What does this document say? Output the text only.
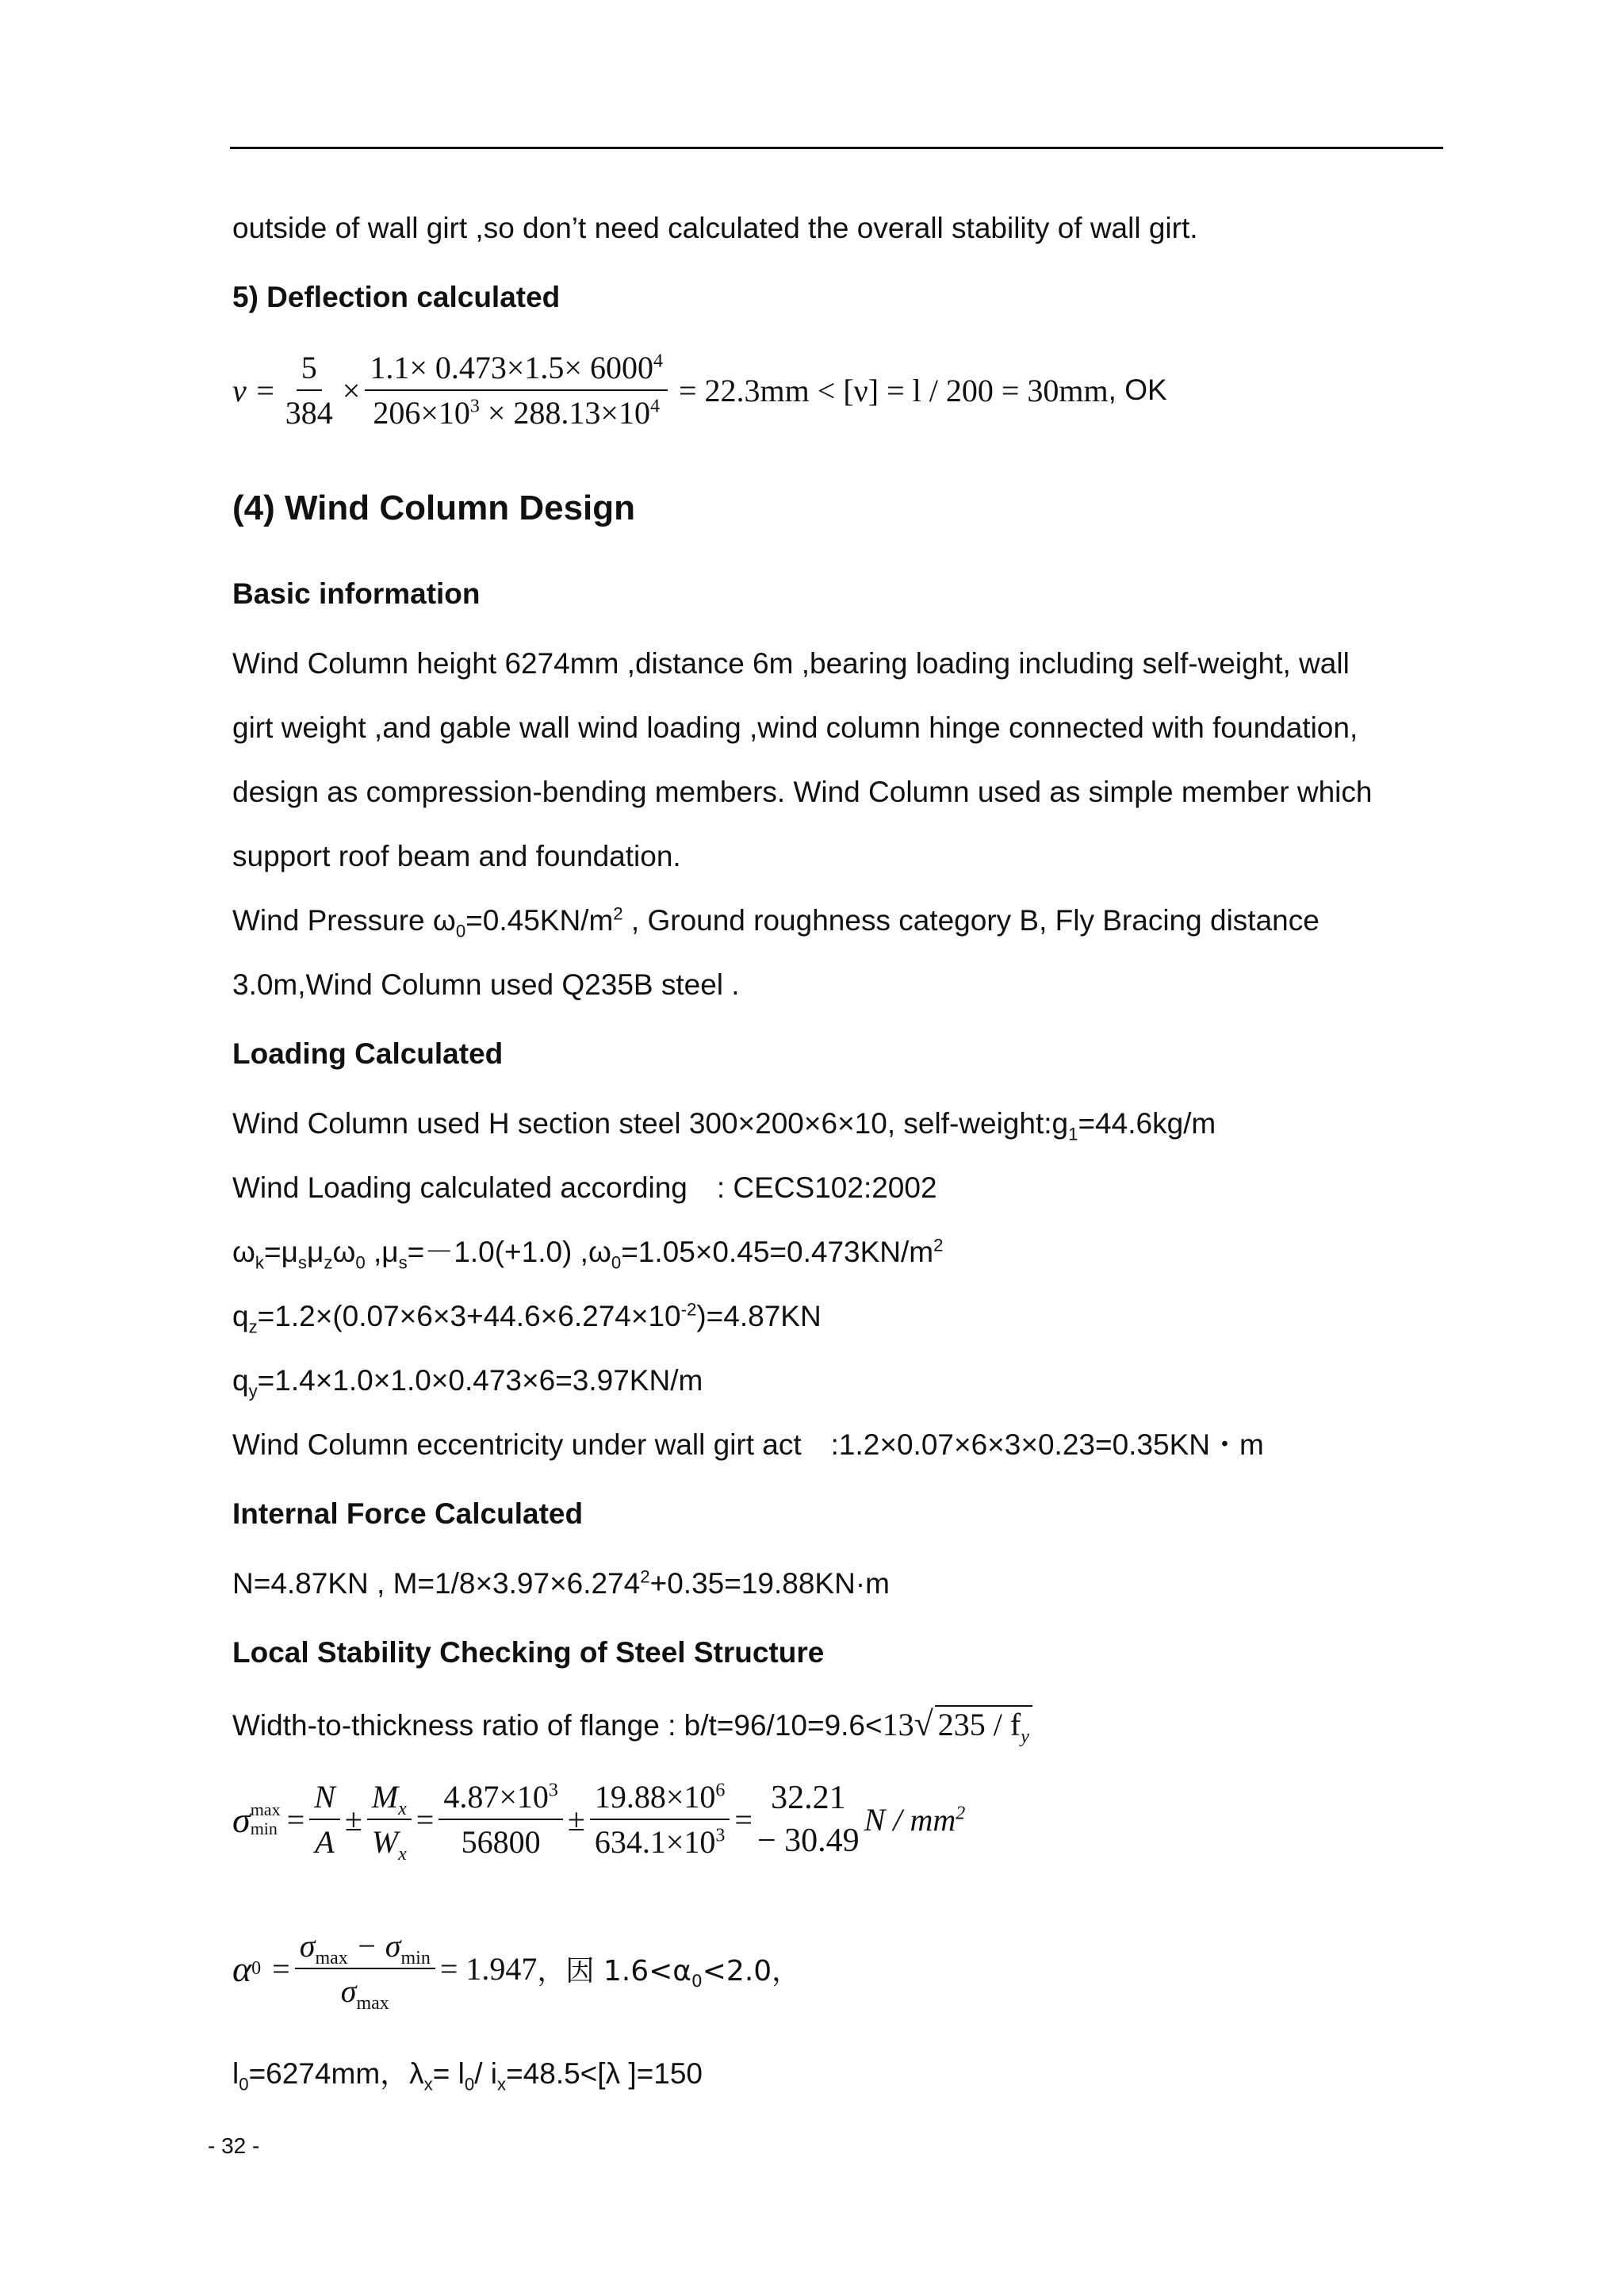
outside of wall girt ,so don’t need calculated the overall stability of wall girt.
5) Deflection calculated
$\nu = \frac{5}{384} \times \frac{1.1\times 0.473\times 1.5\times 6000^4}{206\times 10^3 \times 288.13\times 10^4} = 22.3mm < [\nu] = l / 200 = 30mm$ , OK
(4) Wind Column Design
Basic information
Wind Column height 6274mm ,distance 6m ,bearing loading including self-weight, wall
girt weight ,and gable wall wind loading ,wind column hinge connected with foundation,
design as compression-bending members. Wind Column used as simple member which
support roof beam and foundation.
Wind Pressure $\omega_0=0.45KN/m^2$ , Ground roughness category B, Fly Bracing distance
3.0m,Wind Column used Q235B steel .
Loading Calculated
Wind Column used H section steel 300×200×6×10, self-$weight:g_1=44.6kg/m$
Wind Loading calculated according　: CECS102:2002
$\omega_k=\mu_s\mu_z\omega_0$ $,\mu_s=-1.0(+1.0)$ $,\omega_0=1.05\times 0.45=0.473KN/m^2$
$q_z=1.2\times(0.07\times 6\times 3+44.6\times 6.274\times 10^{-2})=4.87KN$
$q_y=1.4\times 1.0\times 1.0\times 0.473\times 6=3.97KN/m$
Wind Column eccentricity under wall girt act　:1.2×0.07×6×3×0.23=0.35KN・m
Internal Force Calculated
N=4.87KN , $M=1/8\times 3.97\times 6.274^2+0.35=19.88KN\cdot m$
Local Stability Checking of Steel Structure
Width-to-thickness ratio of flange : b/t=96/10=9.6<13√ $235 / f_y$
σ max
$\min = \frac{N}{A} \pm \frac{M_x}{W_x} = \frac{4.87\times 10^3}{56800} \pm \frac{19.88\times 10^6}{634.1\times 10^3}$ =
32.21
− 30.49
N / $mm^2$
α $0 = \frac{\sigma_{max} - \sigma_{min}}{\sigma_{max}} = 1.947$ ，因 $1.6<\alpha_0<2.0$，
$l_0=6274mm$，$\lambda_x= l_0/$ $i_x=48.5<[\lambda$ ]=150
- 32 -
